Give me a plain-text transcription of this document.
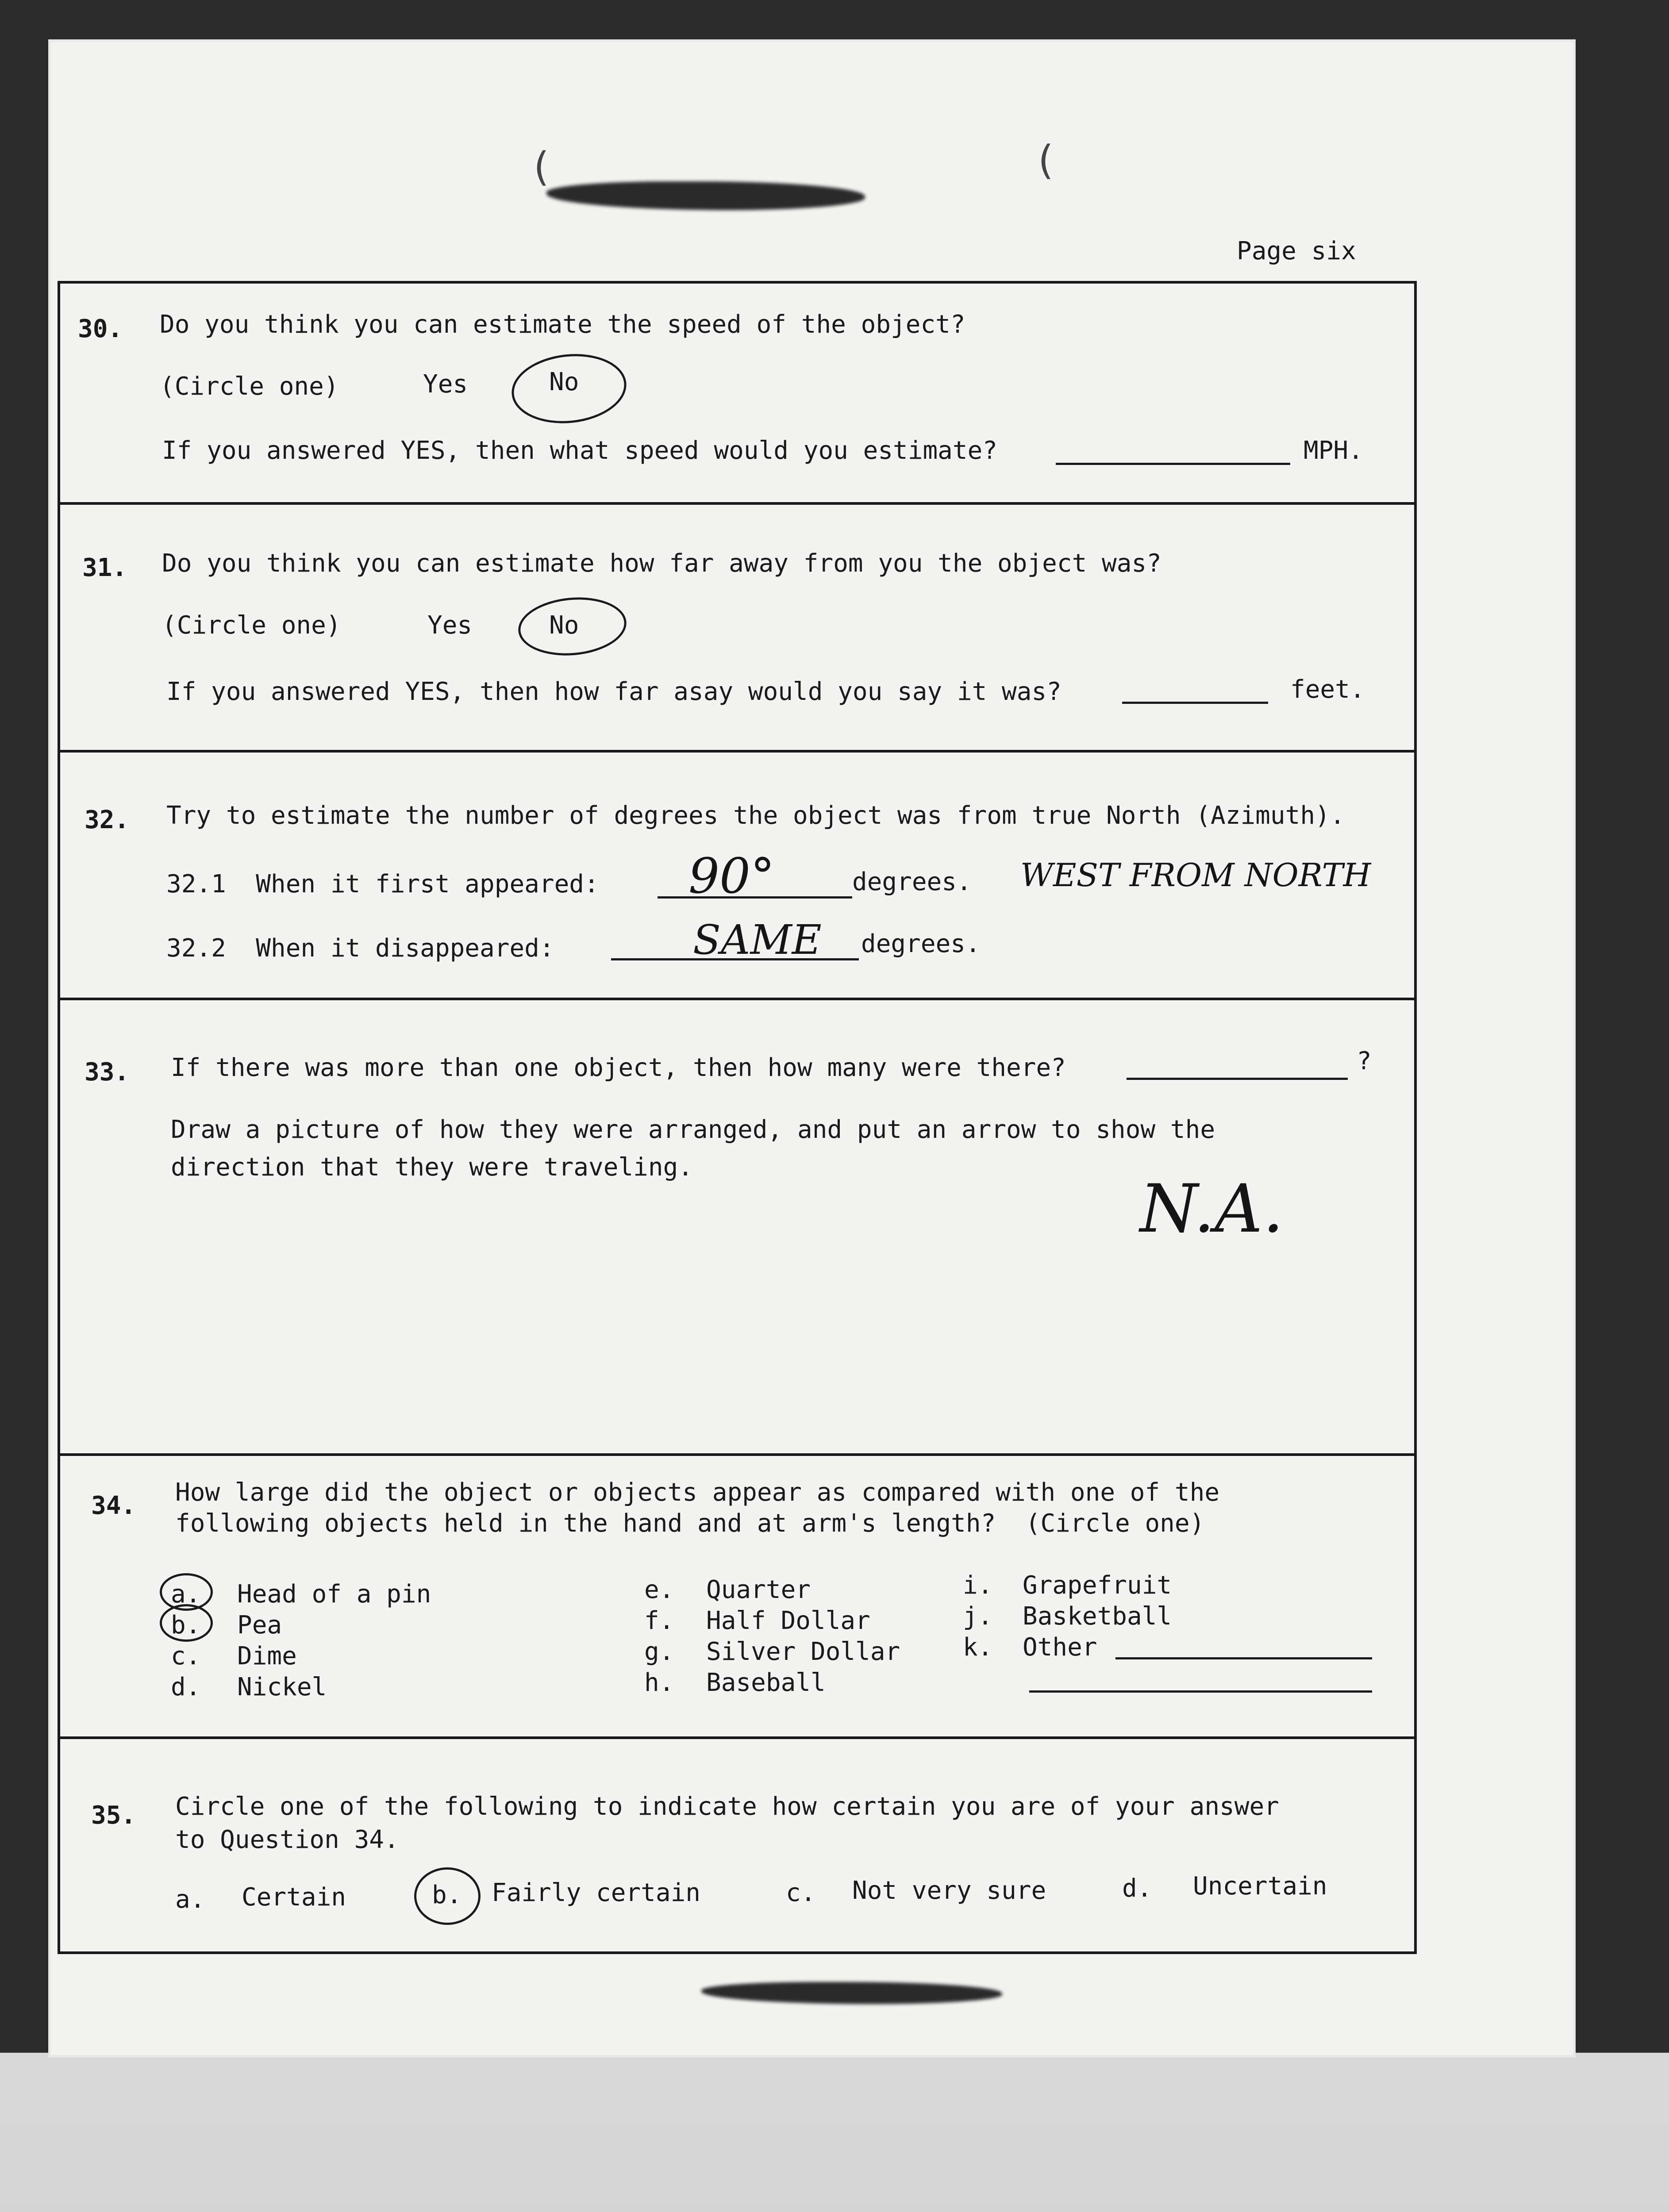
(	(
Page six
30. Do you think you can estimate the speed of the object?
(Circle one)	Yes	No
If you answered YES, then what speed would you estimate?	MPH.
31. Do you think you can estimate how far away from you the object was?
(Circle one)	Yes	No
If you answered YES, then how far asay would you say it was?	feet.
32. Try to estimate the number of degrees the object was from true North (Azimuth).
32.1  When it first appeared: 90°	degrees. WEST FROM NORTH
32.2  When it disappeared:	SAME degrees.
33. If there was more than one object, then how many were there?	?
Draw a picture of how they were arranged, and put an arrow to show the
direction that they were traveling.
N.A.
34. How large did the object or objects appear as compared with one of the
following objects held in the hand and at arm's length?  (Circle one)
a. Head of a pin
b. Pea
c. Dime
d. Nickel
e. Quarter
f. Half Dollar
g. Silver Dollar
h. Baseball
i. Grapefruit
j. Basketball
k. Other
35. Circle one of the following to indicate how certain you are of your answer
to Question 34.
a. Certain	b. Fairly certain	c. Not very sure	d. Uncertain
